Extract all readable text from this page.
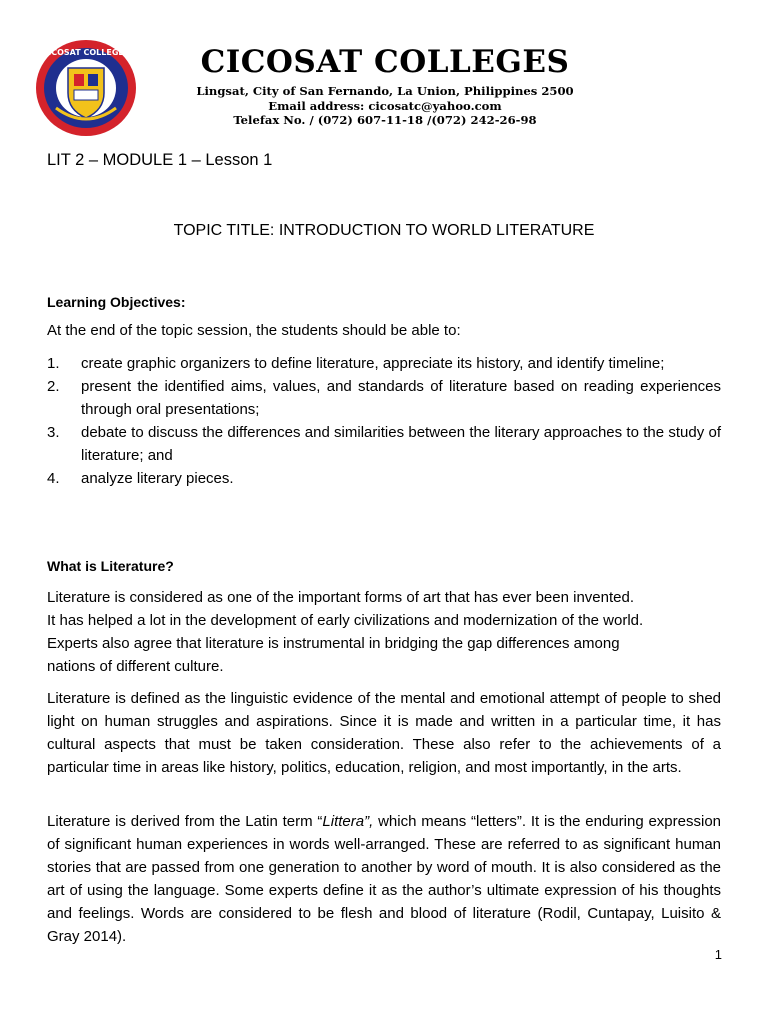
CICOSAT COLLEGES	CICOSAT COLLEGES
Lingsat, City of San Fernando, La Union, Philippines 2500
Email address: cicosatc@yahoo.com
Telefax No. / (072) 607-11-18 /(072) 242-26-98
LIT 2 – MODULE 1 – Lesson 1
TOPIC TITLE: INTRODUCTION TO WORLD LITERATURE
Learning Objectives:
At the end of the topic session, the students should be able to:
1.	create graphic organizers to define literature, appreciate its history, and identify timeline;
2.	present the identified aims, values, and standards of literature based on reading experiences through oral presentations;
3.	debate to discuss the differences and similarities between the literary approaches to the study of literature; and
4.	analyze literary pieces.
What is Literature?
Literature is considered as one of the important forms of art that has ever been invented.
It has helped a lot in the development of early civilizations and modernization of the world.
Experts also agree that literature is instrumental in bridging the gap differences among
nations of different culture.
Literature is defined as the linguistic evidence of the mental and emotional attempt of people to shed light on human struggles and aspirations. Since it is made and written in a particular time, it has cultural aspects that must be taken consideration. These also refer to the achievements of a particular time in areas like history, politics, education, religion, and most importantly, in the arts.
Literature is derived from the Latin term “Littera”, which means “letters”. It is the enduring expression of significant human experiences in words well-arranged. These are referred to as significant human stories that are passed from one generation to another by word of mouth. It is also considered as the art of using the language. Some experts define it as the author’s ultimate expression of his thoughts and feelings. Words are considered to be flesh and blood of literature (Rodil, Cuntapay, Luisito & Gray 2014).
1
